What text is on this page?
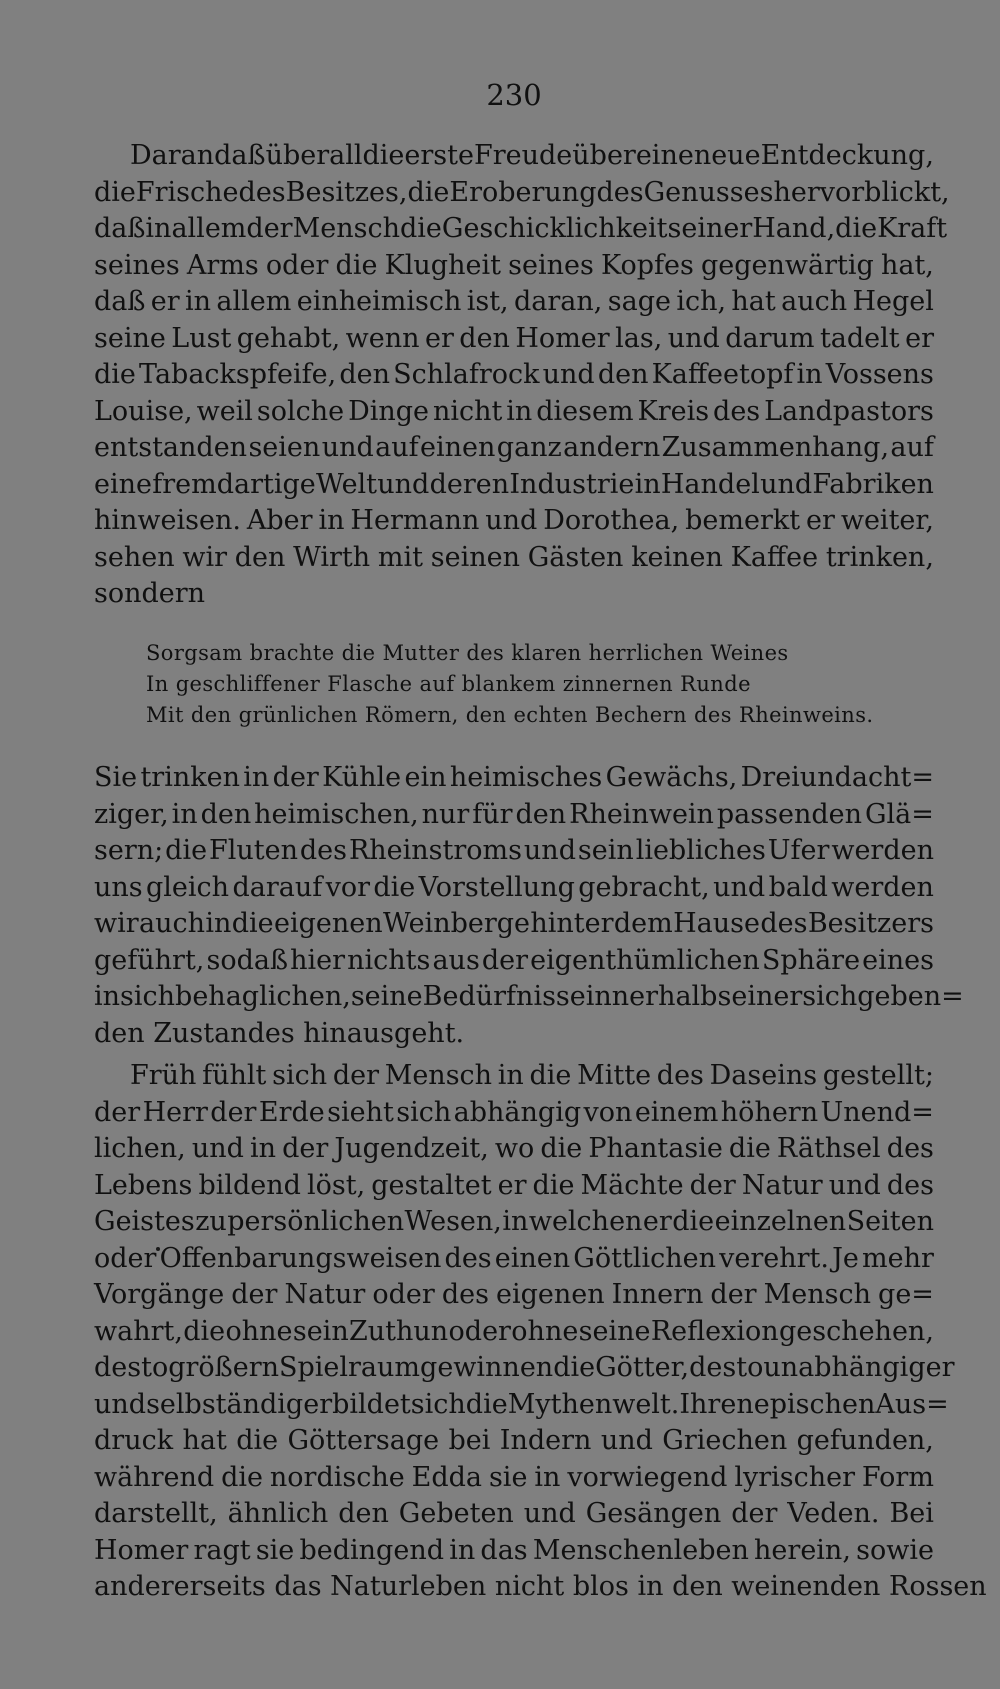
230
Daran daß überall die erste Freude über eine neue Entdeckung,
die Frische des Besitzes, die Eroberung des Genusses hervorblickt,
daß in allem der Mensch die Geschicklichkeit seiner Hand, die Kraft
seines Arms oder die Klugheit seines Kopfes gegenwärtig hat,
daß er in allem einheimisch ist, daran, sage ich, hat auch Hegel
seine Lust gehabt, wenn er den Homer las, und darum tadelt er
die Tabackspfeife, den Schlafrock und den Kaffeetopf in Vossens
Louise, weil solche Dinge nicht in diesem Kreis des Landpastors
entstanden seien und auf einen ganz andern Zusammenhang, auf
eine fremdartige Welt und deren Industrie in Handel und Fabriken
hinweisen. Aber in Hermann und Dorothea, bemerkt er weiter,
sehen wir den Wirth mit seinen Gästen keinen Kaffee trinken,
sondern
Sorgsam brachte die Mutter des klaren herrlichen Weines
In geschliffener Flasche auf blankem zinnernen Runde
Mit den grünlichen Römern, den echten Bechern des Rheinweins.
Sie trinken in der Kühle ein heimisches Gewächs, Dreiundacht=
ziger, in den heimischen, nur für den Rheinwein passenden Glä=
sern; die Fluten des Rheinstroms und sein liebliches Ufer werden
uns gleich darauf vor die Vorstellung gebracht, und bald werden
wir auch in die eigenen Weinberge hinter dem Hause des Besitzers
geführt, sodaß hier nichts aus der eigenthümlichen Sphäre eines
in sich behaglichen, seine Bedürfnisse innerhalb seiner sich geben=
den Zustandes hinausgeht.
Früh fühlt sich der Mensch in die Mitte des Daseins gestellt;
der Herr der Erde sieht sich abhängig von einem höhern Unend=
lichen, und in der Jugendzeit, wo die Phantasie die Räthsel des
Lebens bildend löst, gestaltet er die Mächte der Natur und des
Geistes zu persönlichen Wesen, in welchen er die einzelnen Seiten
oder Offenbarungsweisen des einen Göttlichen verehrt. Je mehr
Vorgänge der Natur oder des eigenen Innern der Mensch ge=
wahrt, die ohne sein Zuthun oder ohne seine Reflexion geschehen,
desto größern Spielraum gewinnen die Götter, desto unabhängiger
und selbständiger bildet sich die Mythenwelt. Ihren epischen Aus=
druck hat die Göttersage bei Indern und Griechen gefunden,
während die nordische Edda sie in vorwiegend lyrischer Form
darstellt, ähnlich den Gebeten und Gesängen der Veden. Bei
Homer ragt sie bedingend in das Menschenleben herein, sowie
andererseits das Naturleben nicht blos in den weinenden Rossen
